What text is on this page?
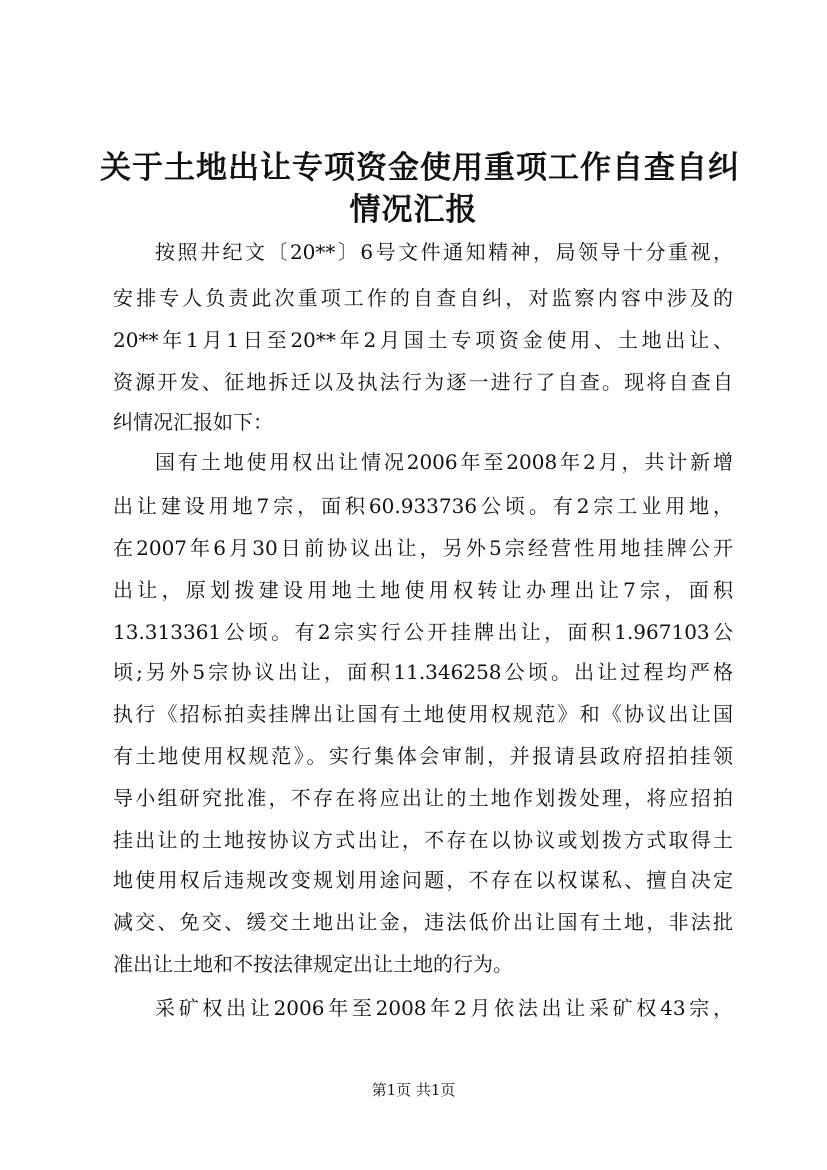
关于土地出让专项资金使用重项工作自查自纠
情况汇报
按照井纪文〔20**〕6号文件通知精神，局领导十分重视，
安排专人负责此次重项工作的自查自纠，对监察内容中涉及的
20**年1月1日至20**年2月国土专项资金使用、土地出让、
资源开发、征地拆迁以及执法行为逐一进行了自查。现将自查自
纠情况汇报如下：
国有土地使用权出让情况2006年至2008年2月，共计新增
出让建设用地7宗，面积60.933736公顷。有2宗工业用地，
在2007年6月30日前协议出让，另外5宗经营性用地挂牌公开
出让，原划拨建设用地土地使用权转让办理出让7宗，面积
13.313361公顷。有2宗实行公开挂牌出让，面积1.967103公
顷;另外5宗协议出让，面积11.346258公顷。出让过程均严格
执行《招标拍卖挂牌出让国有土地使用权规范》和《协议出让国
有土地使用权规范》。实行集体会审制，并报请县政府招拍挂领
导小组研究批准，不存在将应出让的土地作划拨处理，将应招拍
挂出让的土地按协议方式出让，不存在以协议或划拨方式取得土
地使用权后违规改变规划用途问题，不存在以权谋私、擅自决定
减交、免交、缓交土地出让金，违法低价出让国有土地，非法批
准出让土地和不按法律规定出让土地的行为。
采矿权出让2006年至2008年2月依法出让采矿权43宗，
第1页 共1页
